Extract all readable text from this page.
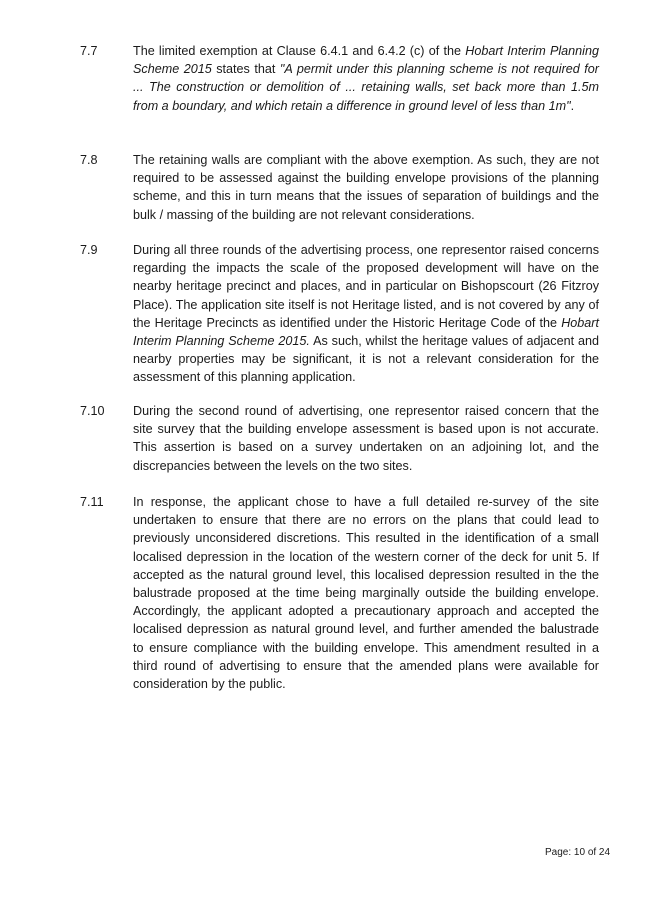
7.7	The limited exemption at Clause 6.4.1 and 6.4.2 (c) of the Hobart Interim Planning Scheme 2015 states that "A permit under this planning scheme is not required for ... The construction or demolition of ... retaining walls, set back more than 1.5m from a boundary, and which retain a difference in ground level of less than 1m".
7.8	The retaining walls are compliant with the above exemption. As such, they are not required to be assessed against the building envelope provisions of the planning scheme, and this in turn means that the issues of separation of buildings and the bulk / massing of the building are not relevant considerations.
7.9	During all three rounds of the advertising process, one representor raised concerns regarding the impacts the scale of the proposed development will have on the nearby heritage precinct and places, and in particular on Bishopscourt (26 Fitzroy Place). The application site itself is not Heritage listed, and is not covered by any of the Heritage Precincts as identified under the Historic Heritage Code of the Hobart Interim Planning Scheme 2015. As such, whilst the heritage values of adjacent and nearby properties may be significant, it is not a relevant consideration for the assessment of this planning application.
7.10	During the second round of advertising, one representor raised concern that the site survey that the building envelope assessment is based upon is not accurate. This assertion is based on a survey undertaken on an adjoining lot, and the discrepancies between the levels on the two sites.
7.11	In response, the applicant chose to have a full detailed re-survey of the site undertaken to ensure that there are no errors on the plans that could lead to previously unconsidered discretions. This resulted in the identification of a small localised depression in the location of the western corner of the deck for unit 5. If accepted as the natural ground level, this localised depression resulted in the the balustrade proposed at the time being marginally outside the building envelope. Accordingly, the applicant adopted a precautionary approach and accepted the localised depression as natural ground level, and further amended the balustrade to ensure compliance with the building envelope. This amendment resulted in a third round of advertising to ensure that the amended plans were available for consideration by the public.
Page: 10 of 24
